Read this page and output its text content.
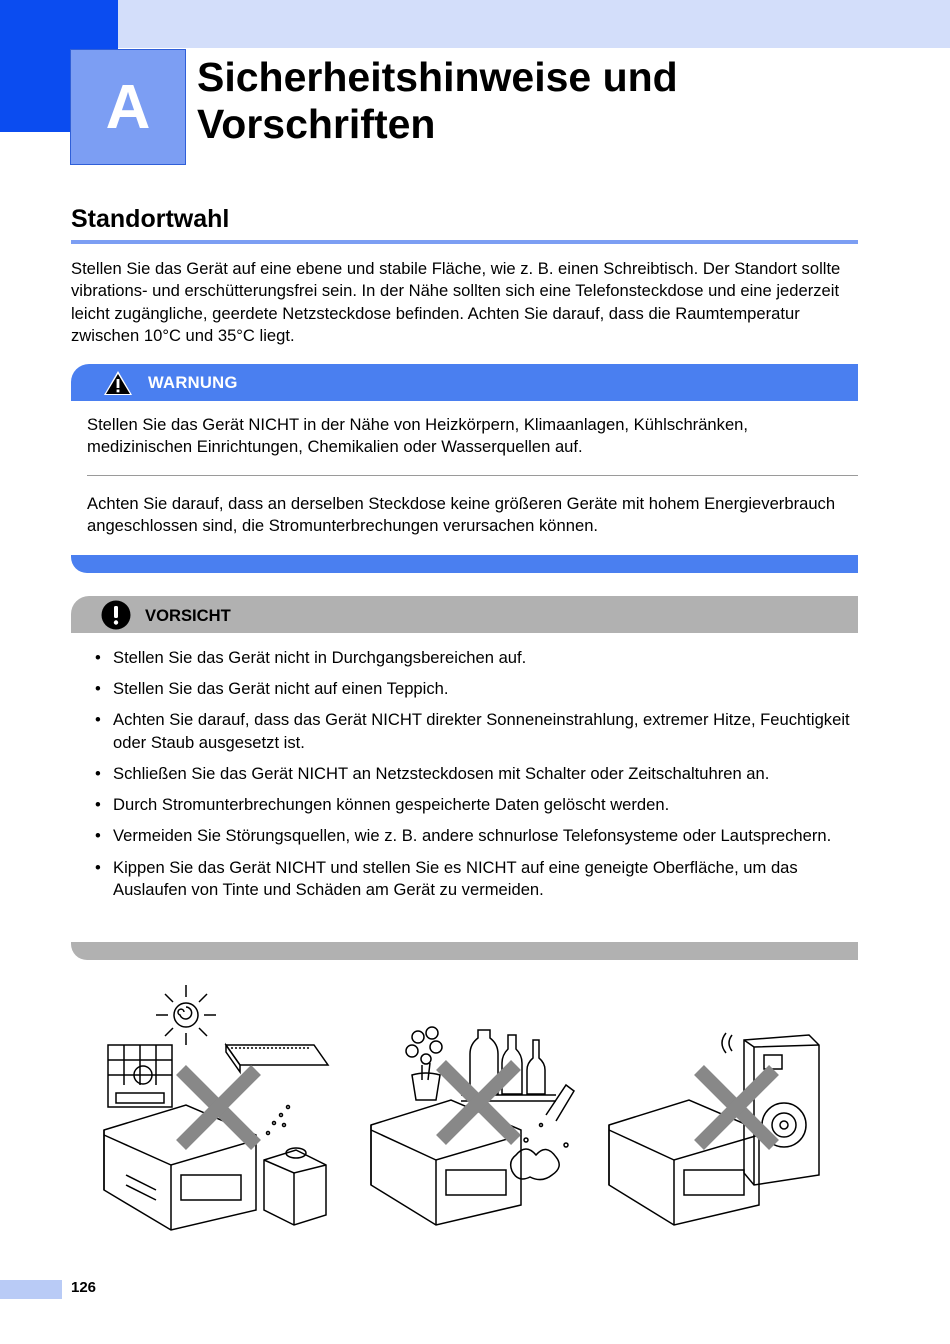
A Sicherheitshinweise und
Vorschriften
Standortwahl

Stellen Sie das Gerät auf eine ebene und stabile Fläche, wie z. B. einen Schreibtisch. Der Standort sollte vibrations- und erschütterungsfrei sein. In der Nähe sollten sich eine Telefonsteckdose und eine jederzeit leicht zugängliche, geerdete Netzsteckdose befinden. Achten Sie darauf, dass die Raumtemperatur zwischen 10°C und 35°C liegt.

WARNUNG

Stellen Sie das Gerät NICHT in der Nähe von Heizkörpern, Klimaanlagen, Kühlschränken, medizinischen Einrichtungen, Chemikalien oder Wasserquellen auf.

Achten Sie darauf, dass an derselben Steckdose keine größeren Geräte mit hohem Energieverbrauch angeschlossen sind, die Stromunterbrechungen verursachen können.

VORSICHT
• Stellen Sie das Gerät nicht in Durchgangsbereichen auf.
• Stellen Sie das Gerät nicht auf einen Teppich.
• Achten Sie darauf, dass das Gerät NICHT direkter Sonneneinstrahlung, extremer Hitze, Feuchtigkeit oder Staub ausgesetzt ist.
• Schließen Sie das Gerät NICHT an Netzsteckdosen mit Schalter oder Zeitschaltuhren an.
• Durch Stromunterbrechungen können gespeicherte Daten gelöscht werden.
• Vermeiden Sie Störungsquellen, wie z. B. andere schnurlose Telefonsysteme oder Lautsprechern.
• Kippen Sie das Gerät NICHT und stellen Sie es NICHT auf eine geneigte Oberfläche, um das Auslaufen von Tinte und Schäden am Gerät zu vermeiden.
126
